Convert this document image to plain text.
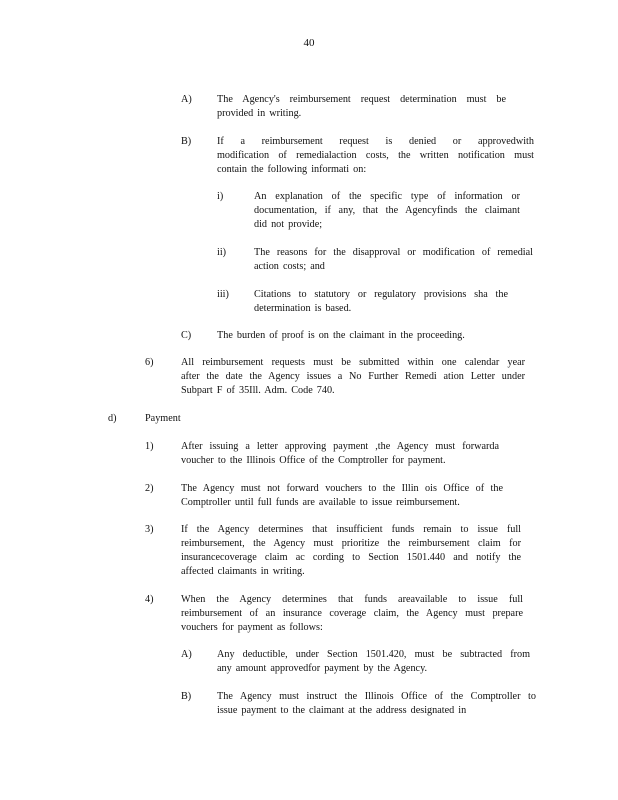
40
A) The Agency's reimbursement request determination must be
provided in writing.
B)	If a reimbursement request is denied or approvedwith
modification of remedialaction costs, the written notification must
contain the following informati on:
i)	An explanation of the specific type of information or
documentation, if any, that the Agencyfinds the claimant
did not provide;
ii)	The reasons for the disapproval or modification of remedial
action costs; and
iii) Citations to statutory or regulatory provisions sha the
determination is based.
C)	The burden of proof is on the claimant in the proceeding.
6)	All reimbursement requests must be submitted within one calendar year
after the date the Agency issues a No Further Remedi ation Letter under
Subpart F of 35Ill. Adm. Code 740.
d)	Payment
1)	After issuing a letter approving payment ,the Agency must forwarda
voucher to the Illinois Office of the Comptroller for payment.
2)	The Agency must not forward vouchers to the Illin ois Office of the
Comptroller until full funds are available to issue reimbursement.
3)	If the Agency determines that insufficient funds remain to issue full
reimbursement, the Agency must prioritize the reimbursement claim for
insurancecoverage claim ac cording to Section 1501.440 and notify the
affected claimants in writing.
4)	When the Agency determines that funds areavailable to issue full
reimbursement of an insurance coverage claim, the Agency must prepare
vouchers for payment as follows:
A) Any deductible, under Section 1501.420, must be subtracted from
any amount approvedfor payment by the Agency.
B)	The Agency must instruct the Illinois Office of the Comptroller to
issue payment to the claimant at the address designated in
